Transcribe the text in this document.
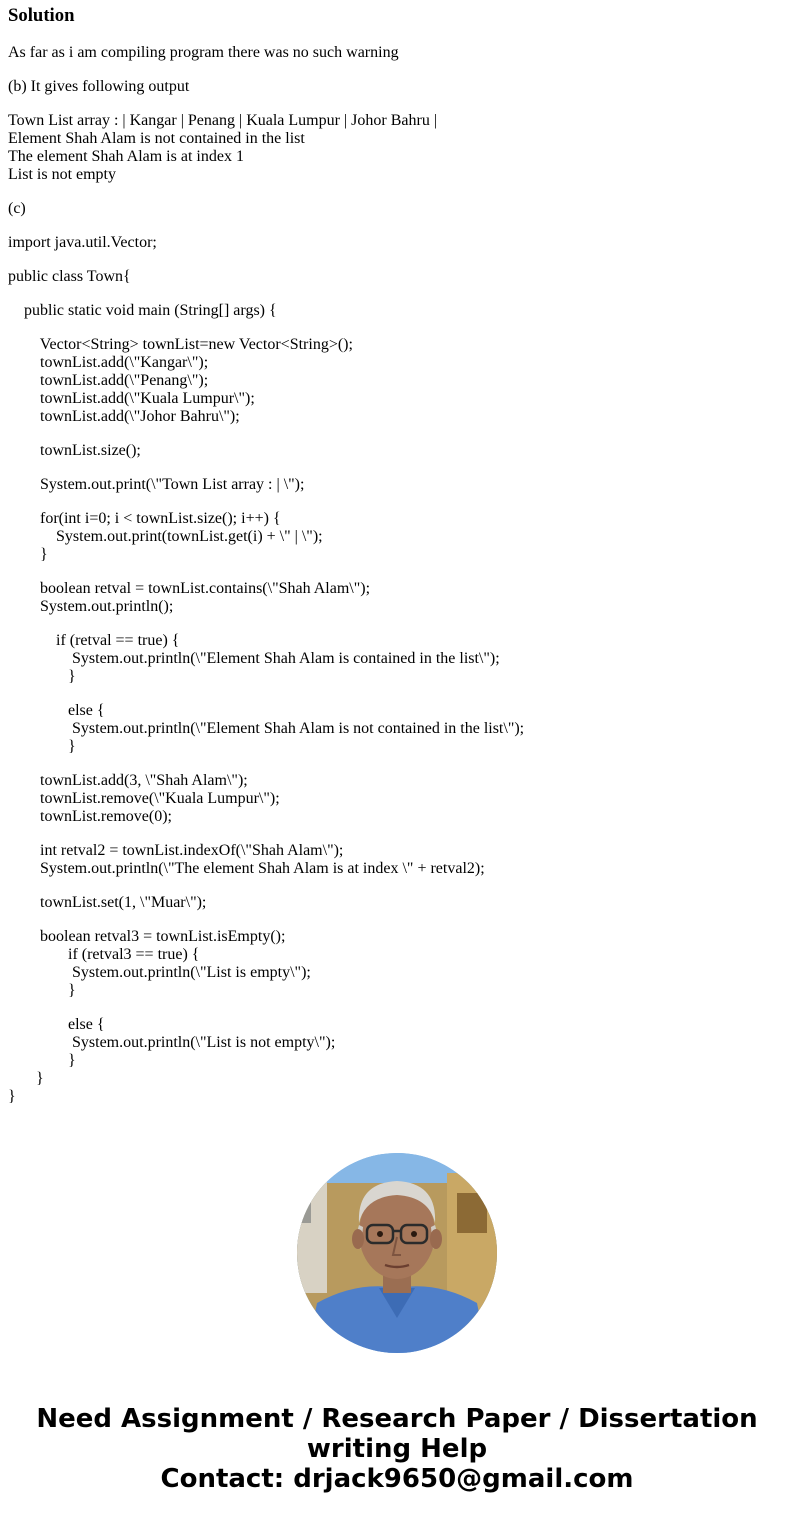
Solution

As far as i am compiling program there was no such warning

(b) It gives following output

Town List array : | Kangar | Penang | Kuala Lumpur | Johor Bahru |

Element Shah Alam is not contained in the list

The element Shah Alam is at index 1

List is not empty

(c)

import java.util.Vector;
public class Town{
public static void main (String[] args) {
Vector<String> townList=new Vector<String>();
townList.add(\"Kangar\");
townList.add(\"Penang\");
townList.add(\"Kuala Lumpur\");
townList.add(\"Johor Bahru\");
townList.size();
System.out.print(\"Town List array : | \");
for(int i=0; i < townList.size(); i++) {
System.out.print(townList.get(i) + \" | \");
}
boolean retval = townList.contains(\"Shah Alam\");
System.out.println();
if (retval == true) {
System.out.println(\"Element Shah Alam is contained in the list\");
}
else {
System.out.println(\"Element Shah Alam is not contained in the list\");
}
townList.add(3, \"Shah Alam\");
townList.remove(\"Kuala Lumpur\");
townList.remove(0);
int retval2 = townList.indexOf(\"Shah Alam\");
System.out.println(\"The element Shah Alam is at index \" + retval2);
townList.set(1, \"Muar\");
boolean retval3 = townList.isEmpty();
if (retval3 == true) {
System.out.println(\"List is empty\");
}
else {
System.out.println(\"List is not empty\");
}
}
}
Need Assignment / Research Paper / Dissertation
writing Help
Contact: drjack9650@gmail.com
